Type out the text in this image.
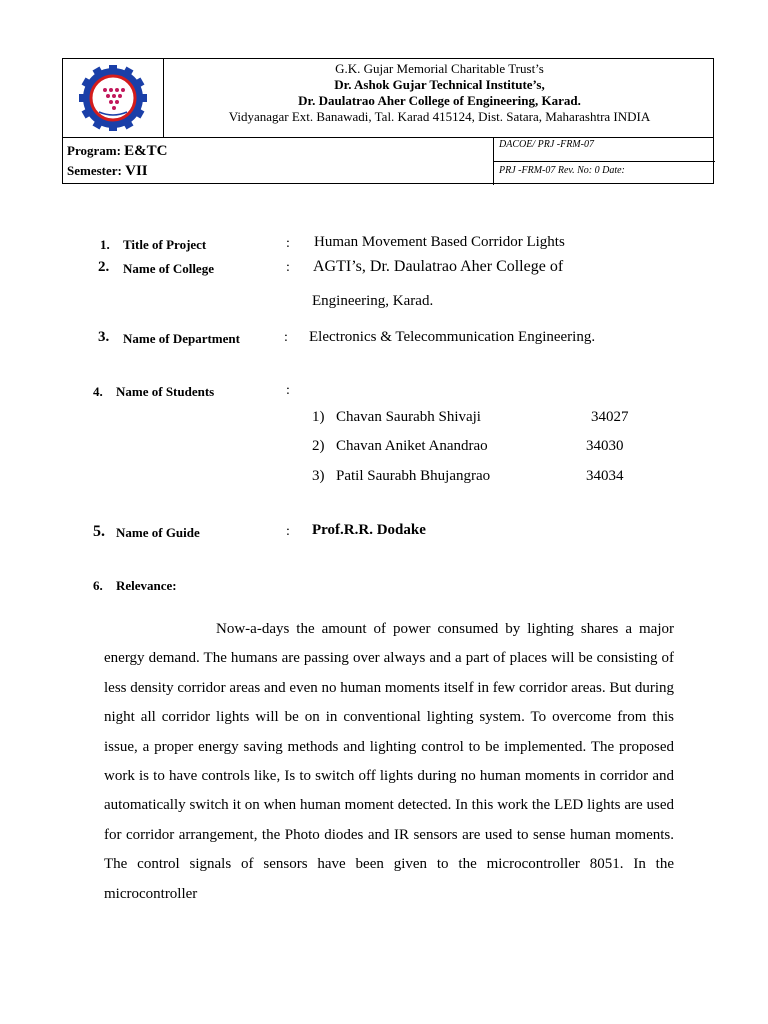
G.K. Gujar Memorial Charitable Trust’s
Dr. Ashok Gujar Technical Institute’s,
Dr. Daulatrao Aher College of Engineering, Karad.
Vidyanagar Ext. Banawadi, Tal. Karad 415124, Dist. Satara, Maharashtra INDIA
Program: E&TC
Semester: VII
DACOE/ PRJ -FRM-07
PRJ -FRM-07 Rev. No: 0 Date:
1. Title of Project	: Human Movement Based Corridor Lights
2. Name of College	: AGTI’s, Dr. Daulatrao Aher College of
Engineering, Karad.
3. Name of Department	: Electronics & Telecommunication Engineering.
4. Name of Students	:
1) Chavan Saurabh Shivaji	34027
2) Chavan Aniket Anandrao	34030
3) Patil Saurabh Bhujangrao	34034
5. Name of Guide	: Prof.R.R. Dodake
6. Relevance:

Now-a-days the amount of power consumed by lighting shares a major energy demand. The humans are passing over always and a part of places will be consisting of less density corridor areas and even no human moments itself in few corridor areas. But during night all corridor lights will be on in conventional lighting system. To overcome from this issue, a proper energy saving methods and lighting control to be implemented. The proposed work is to have controls like, Is to switch off lights during no human moments in corridor and automatically switch it on when human moment detected. In this work the LED lights are used for corridor arrangement, the Photo diodes and IR sensors are used to sense human moments. The control signals of sensors have been given to the microcontroller 8051. In the microcontroller
